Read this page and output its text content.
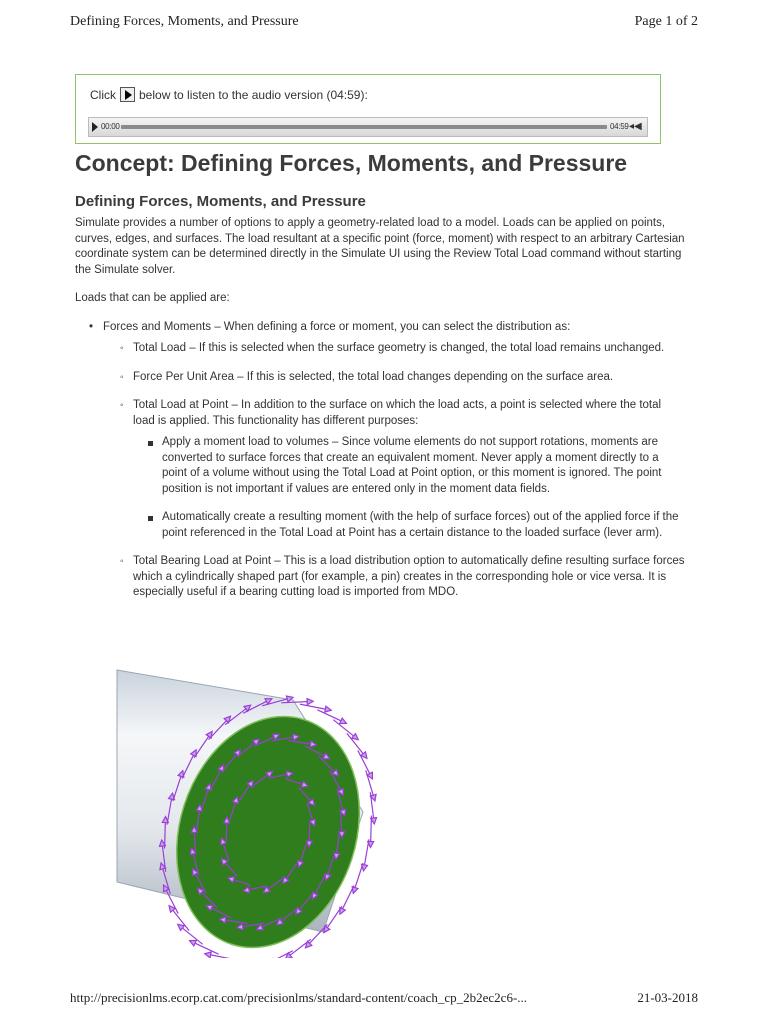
Defining Forces, Moments, and Pressure	Page 1 of 2
Click below to listen to the audio version (04:59):
00:00	04:59 ◂◀
Concept: Defining Forces, Moments, and Pressure
Defining Forces, Moments, and Pressure

Simulate provides a number of options to apply a geometry-related load to a model. Loads can be applied on points, curves, edges, and surfaces. The load resultant at a specific point (force, moment) with respect to an arbitrary Cartesian coordinate system can be determined directly in the Simulate UI using the Review Total Load command without starting the Simulate solver.

Loads that can be applied are:

• Forces and Moments – When defining a force or moment, you can select the distribution as:
◦ Total Load – If this is selected when the surface geometry is changed, the total load remains unchanged.
◦ Force Per Unit Area – If this is selected, the total load changes depending on the surface area.
◦ Total Load at Point – In addition to the surface on which the load acts, a point is selected where the total load is applied. This functionality has different purposes:
Apply a moment load to volumes – Since volume elements do not support rotations, moments are converted to surface forces that create an equivalent moment. Never apply a moment directly to a point of a volume without using the Total Load at Point option, or this moment is ignored. The point position is not important if values are entered only in the moment data fields.
Automatically create a resulting moment (with the help of surface forces) out of the applied force if the point referenced in the Total Load at Point has a certain distance to the loaded surface (lever arm).
◦ Total Bearing Load at Point – This is a load distribution option to automatically define resulting surface forces which a cylindrically shaped part (for example, a pin) creates in the corresponding hole or vice versa. It is especially useful if a bearing cutting load is imported from MDO.
http://precisionlms.ecorp.cat.com/precisionlms/standard-content/coach_cp_2b2ec2c6-...	21-03-2018
